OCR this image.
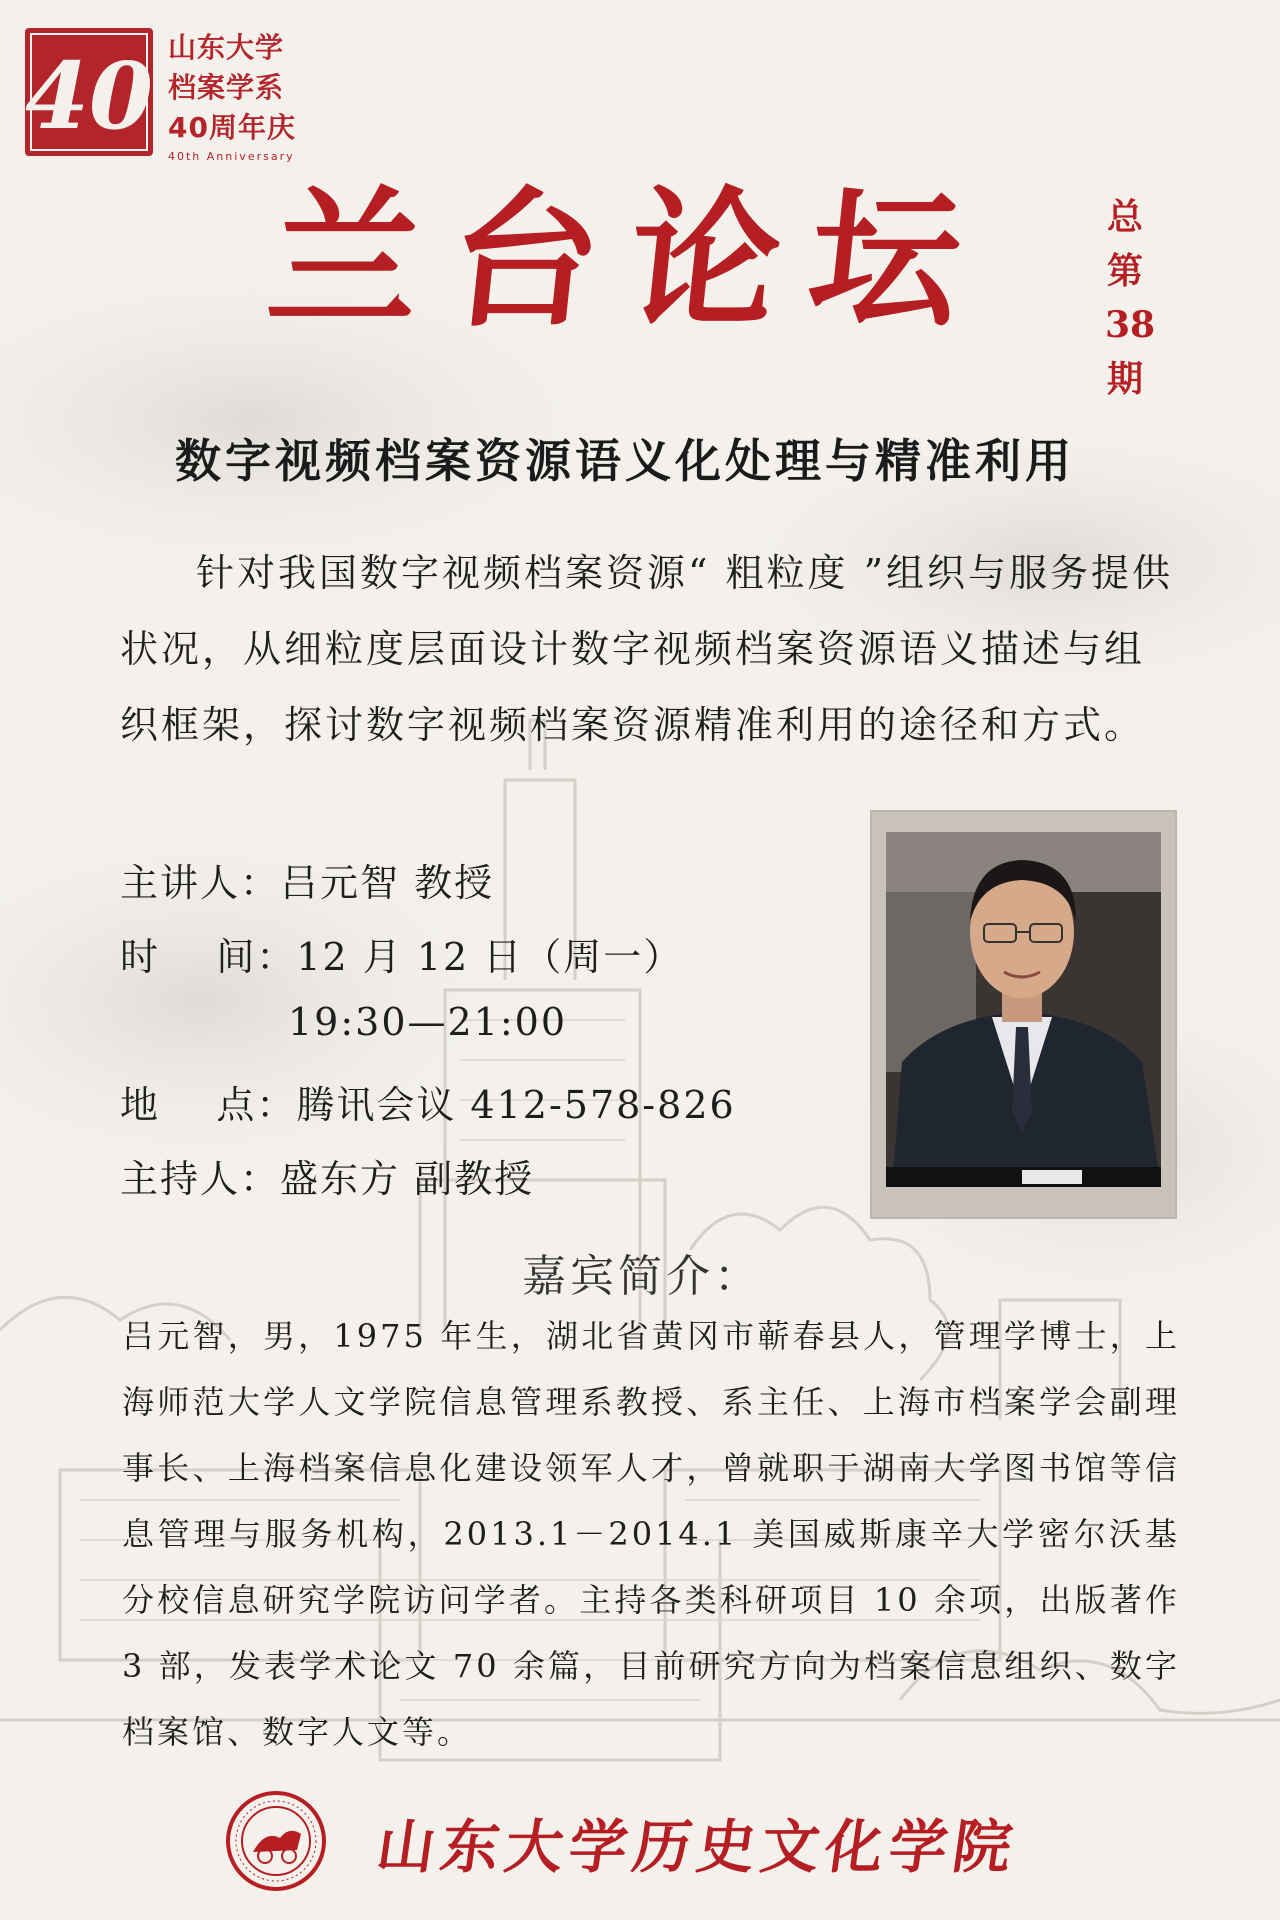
40 山东大学
档案学系
40周年庆
40th Anniversary
兰台论坛	总
第
38
期
数字视频档案资源语义化处理与精准利用
针对我国数字视频档案资源“ 粗粒度 ”组织与服务提供状况，从细粒度层面设计数字视频档案资源语义描述与组织框架，探讨数字视频档案资源精准利用的途径和方式。
主讲人：吕元智 教授
时    间：12 月 12 日（周一）
19:30—21:00
地    点：腾讯会议 412-578-826
主持人：盛东方 副教授
嘉宾简介：
吕元智，男，1975 年生，湖北省黄冈市蕲春县人，管理学博士，上海师范大学人文学院信息管理系教授、系主任、上海市档案学会副理事长、上海档案信息化建设领军人才，曾就职于湖南大学图书馆等信息管理与服务机构，2013.1－2014.1 美国威斯康辛大学密尔沃基分校信息研究学院访问学者。主持各类科研项目 10 余项，出版著作 3 部，发表学术论文 70 余篇，目前研究方向为档案信息组织、数字档案馆、数字人文等。
山东大学历史文化学院
